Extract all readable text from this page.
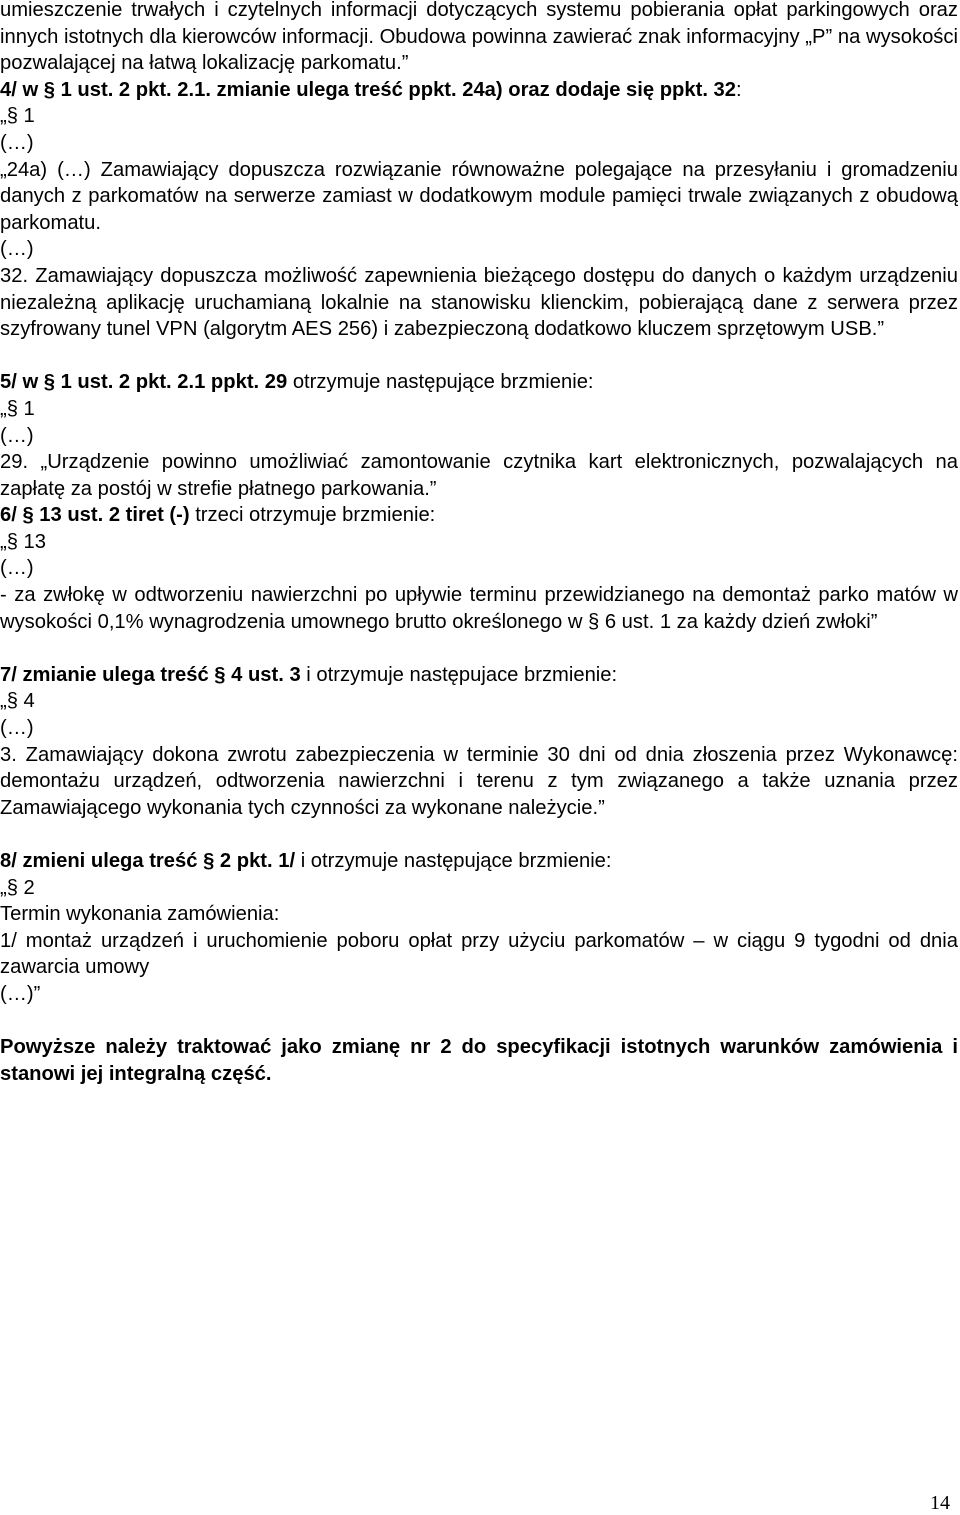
umieszczenie trwałych i czytelnych informacji dotyczących systemu pobierania opłat parkingowych oraz innych istotnych dla kierowców informacji. Obudowa powinna zawierać znak informacyjny „P” na wysokości pozwalającej na łatwą lokalizację parkomatu.”

4/ w § 1 ust. 2 pkt. 2.1. zmianie ulega treść ppkt. 24a) oraz dodaje się ppkt. 32:

„§ 1

(…)

„24a) (…) Zamawiający dopuszcza rozwiązanie równoważne polegające na przesyłaniu i gromadzeniu danych z parkomatów na serwerze zamiast w dodatkowym module pamięci trwale związanych z obudową parkomatu.

(…)

32. Zamawiający dopuszcza możliwość zapewnienia bieżącego dostępu do danych o każdym urządzeniu niezależną aplikację uruchamianą lokalnie na stanowisku klienckim, pobierającą dane z serwera przez szyfrowany tunel VPN (algorytm AES 256) i zabezpieczoną dodatkowo kluczem sprzętowym USB.”

5/ w § 1 ust. 2 pkt. 2.1 ppkt. 29 otrzymuje następujące brzmienie:

„§ 1

(…)

29. „Urządzenie powinno umożliwiać zamontowanie czytnika kart elektronicznych, pozwalających na zapłatę za postój w strefie płatnego parkowania.”

6/ § 13 ust. 2 tiret (-) trzeci otrzymuje brzmienie:

„§ 13

(…)

- za zwłokę w odtworzeniu nawierzchni po upływie terminu przewidzianego na demontaż parko matów w wysokości 0,1% wynagrodzenia umownego brutto określonego w § 6 ust. 1 za każdy dzień zwłoki”

7/ zmianie ulega treść § 4 ust. 3 i otrzymuje następujace brzmienie:

„§ 4

(…)

3. Zamawiający dokona zwrotu zabezpieczenia w terminie 30 dni od dnia złoszenia przez Wykonawcę: demontażu urządzeń, odtworzenia nawierzchni i terenu z tym związanego a także uznania przez Zamawiającego wykonania tych czynności za wykonane należycie.”

8/ zmieni ulega treść § 2 pkt. 1/ i otrzymuje następujące brzmienie:

„§ 2

Termin wykonania zamówienia:

1/ montaż urządzeń i uruchomienie poboru opłat przy użyciu parkomatów – w ciągu 9 tygodni od dnia zawarcia umowy

(…)”

Powyższe należy traktować jako zmianę nr 2 do specyfikacji istotnych warunków zamówienia i stanowi jej integralną część.

14
